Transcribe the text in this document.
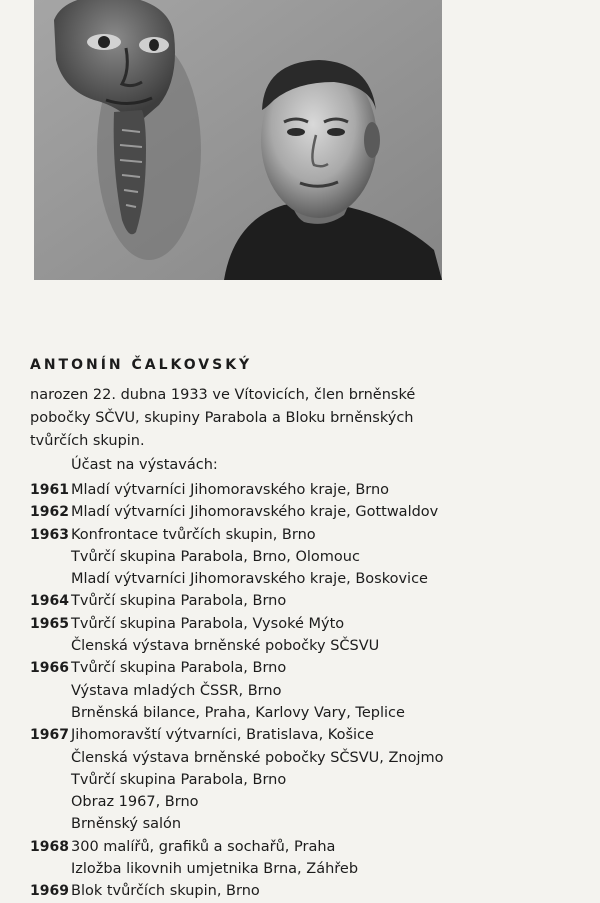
ANTONÍN ČALKOVSKÝ

narozen 22. dubna 1933 ve Vítovicích, člen brněnské
pobočky SČVU, skupiny Parabola a Bloku brněnských
tvůrčích skupin.

Účast na výstavách:
1961 Mladí výtvarníci Jihomoravského kraje, Brno
1962 Mladí výtvarníci Jihomoravského kraje, Gottwaldov
1963 Konfrontace tvůrčích skupin, Brno
Tvůrčí skupina Parabola, Brno, Olomouc
Mladí výtvarníci Jihomoravského kraje, Boskovice
1964 Tvůrčí skupina Parabola, Brno
1965 Tvůrčí skupina Parabola, Vysoké Mýto
Členská výstava brněnské pobočky SČSVU
1966 Tvůrčí skupina Parabola, Brno
Výstava mladých ČSSR, Brno
Brněnská bilance, Praha, Karlovy Vary, Teplice
1967 Jihomoravští výtvarníci, Bratislava, Košice
Členská výstava brněnské pobočky SČSVU, Znojmo
Tvůrčí skupina Parabola, Brno
Obraz 1967, Brno
Brněnský salón
1968 300 malířů, grafiků a sochařů, Praha
Izložba likovnih umjetnika Brna, Záhřeb
1969 Blok tvůrčích skupin, Brno
